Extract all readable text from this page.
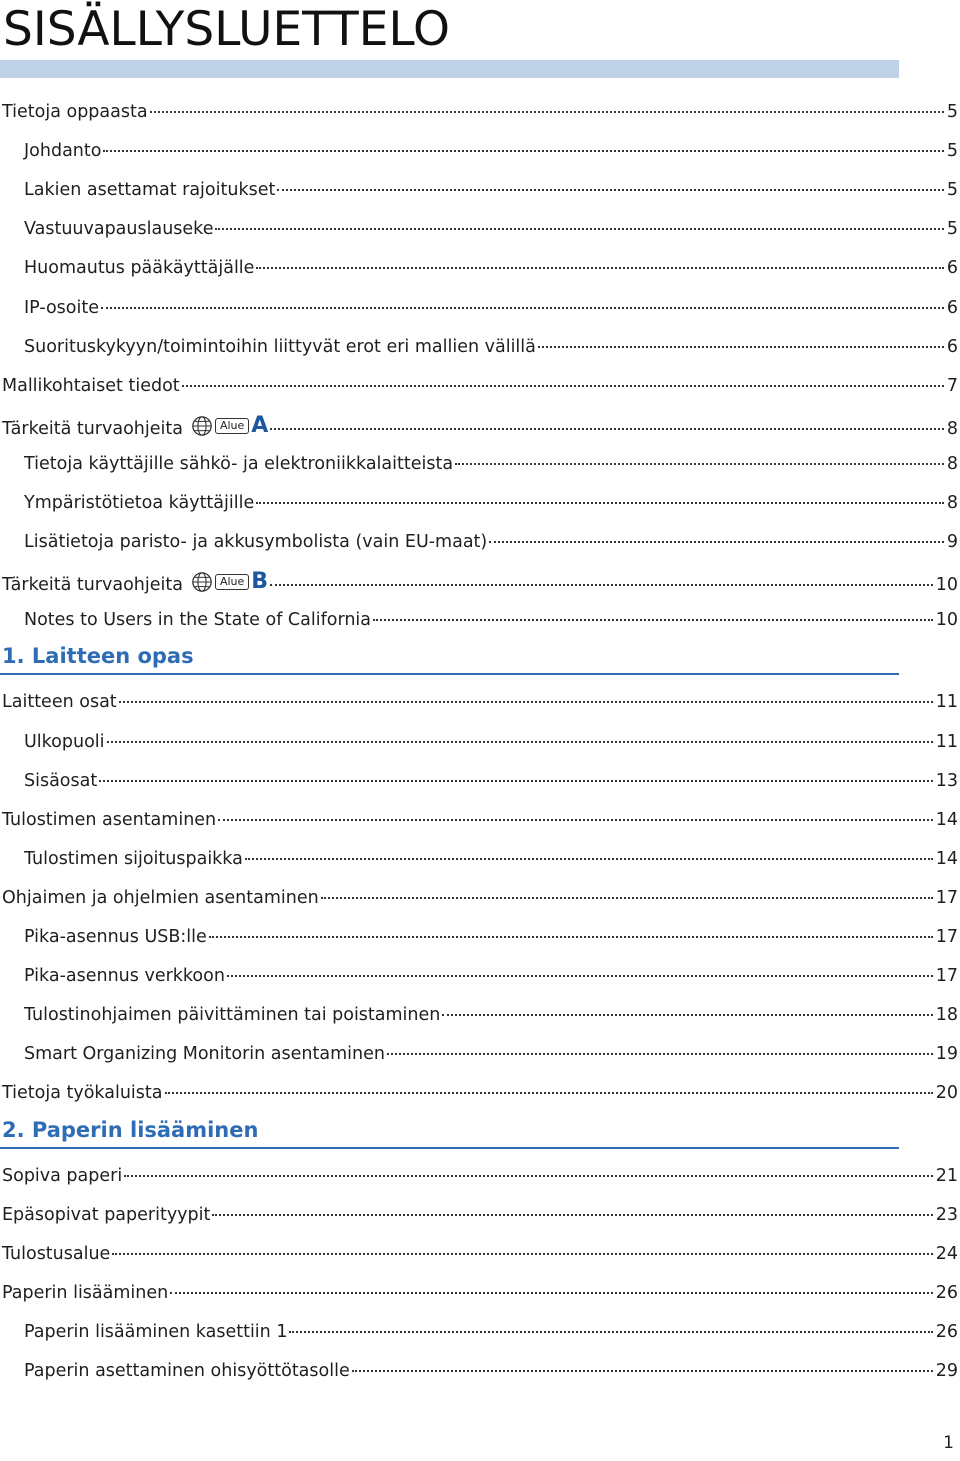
SISÄLLYSLUETTELO
Tietoja oppaasta	5
Johdanto	5
Lakien asettamat rajoitukset	5
Vastuuvapauslauseke	5
Huomautus pääkäyttäjälle	6
IP-osoite	6
Suorituskykyyn/toimintoihin liittyvät erot eri mallien välillä	6
Mallikohtaiset tiedot	7
Tärkeitä turvaohjeita	Alue A	8
Tietoja käyttäjille sähkö- ja elektroniikkalaitteista	8
Ympäristötietoa käyttäjille	8
Lisätietoja paristo- ja akkusymbolista (vain EU-maat)	9
Tärkeitä turvaohjeita	Alue B	10
Notes to Users in the State of California	10
1. Laitteen opas
Laitteen osat	11
Ulkopuoli	11
Sisäosat	13
Tulostimen asentaminen	14
Tulostimen sijoituspaikka	14
Ohjaimen ja ohjelmien asentaminen	17
Pika-asennus USB:lle	17
Pika-asennus verkkoon	17
Tulostinohjaimen päivittäminen tai poistaminen	18
Smart Organizing Monitorin asentaminen	19
Tietoja työkaluista	20
2. Paperin lisääminen
Sopiva paperi	21
Epäsopivat paperityypit	23
Tulostusalue	24
Paperin lisääminen	26
Paperin lisääminen kasettiin 1	26
Paperin asettaminen ohisyöttötasolle	29
1
